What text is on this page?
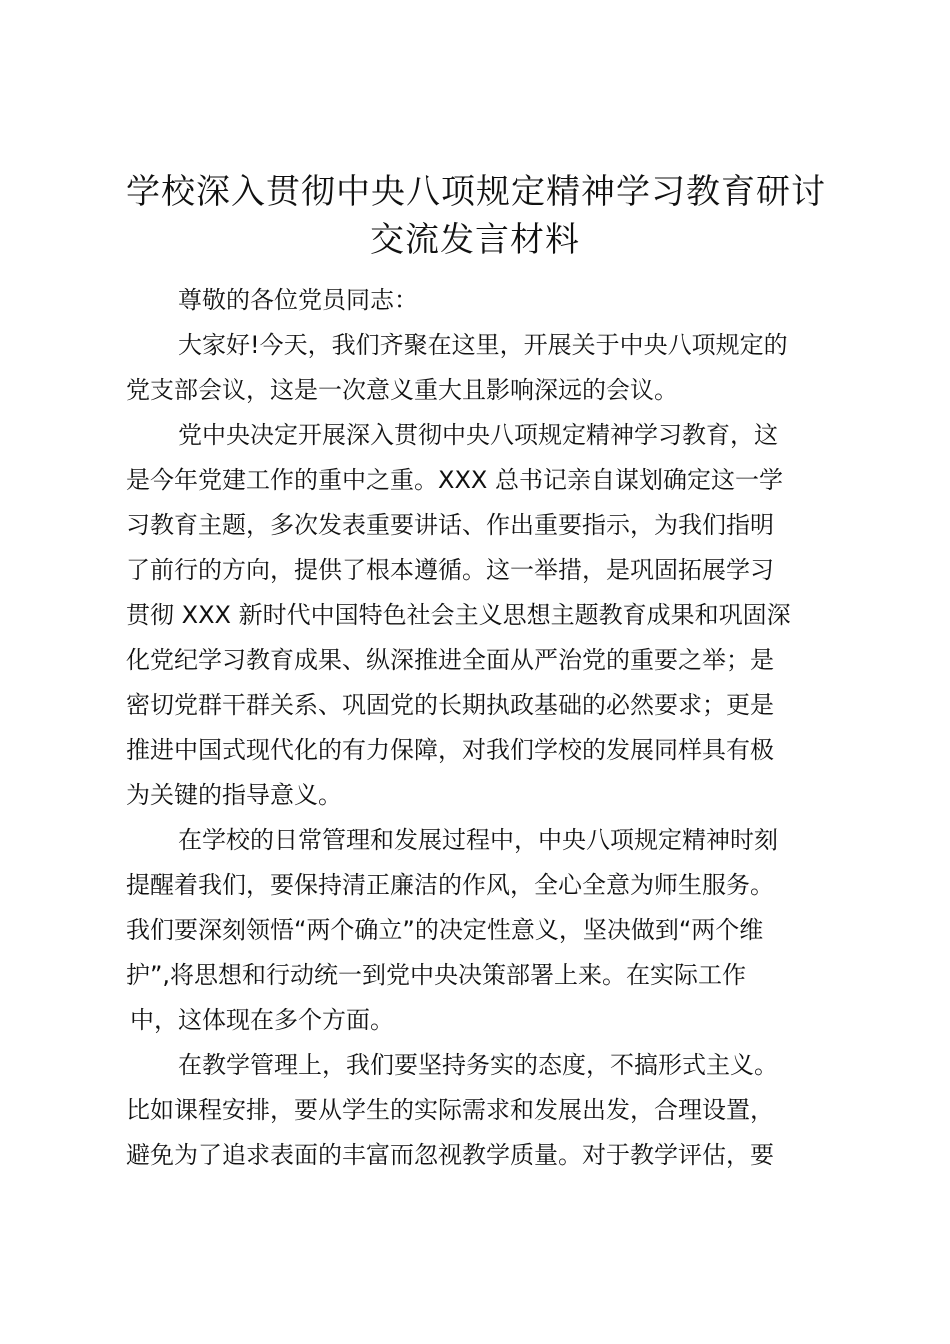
学校深入贯彻中央八项规定精神学习教育研讨
交流发言材料

尊敬的各位党员同志：

大家好!今天，我们齐聚在这里，开展关于中央八项规定的
党支部会议，这是一次意义重大且影响深远的会议。

党中央决定开展深入贯彻中央八项规定精神学习教育，这
是今年党建工作的重中之重。XXX 总书记亲自谋划确定这一学
习教育主题，多次发表重要讲话、作出重要指示，为我们指明
了前行的方向，提供了根本遵循。这一举措，是巩固拓展学习
贯彻 XXX 新时代中国特色社会主义思想主题教育成果和巩固深
化党纪学习教育成果、纵深推进全面从严治党的重要之举；是
密切党群干群关系、巩固党的长期执政基础的必然要求；更是
推进中国式现代化的有力保障，对我们学校的发展同样具有极
为关键的指导意义。

在学校的日常管理和发展过程中，中央八项规定精神时刻
提醒着我们，要保持清正廉洁的作风，全心全意为师生服务。
我们要深刻领悟“两个确立”的决定性意义，坚决做到“两个维
护”,将思想和行动统一到党中央决策部署上来。在实际工作
中，这体现在多个方面。

在教学管理上，我们要坚持务实的态度，不搞形式主义。
比如课程安排，要从学生的实际需求和发展出发，合理设置，
避免为了追求表面的丰富而忽视教学质量。对于教学评估，要
